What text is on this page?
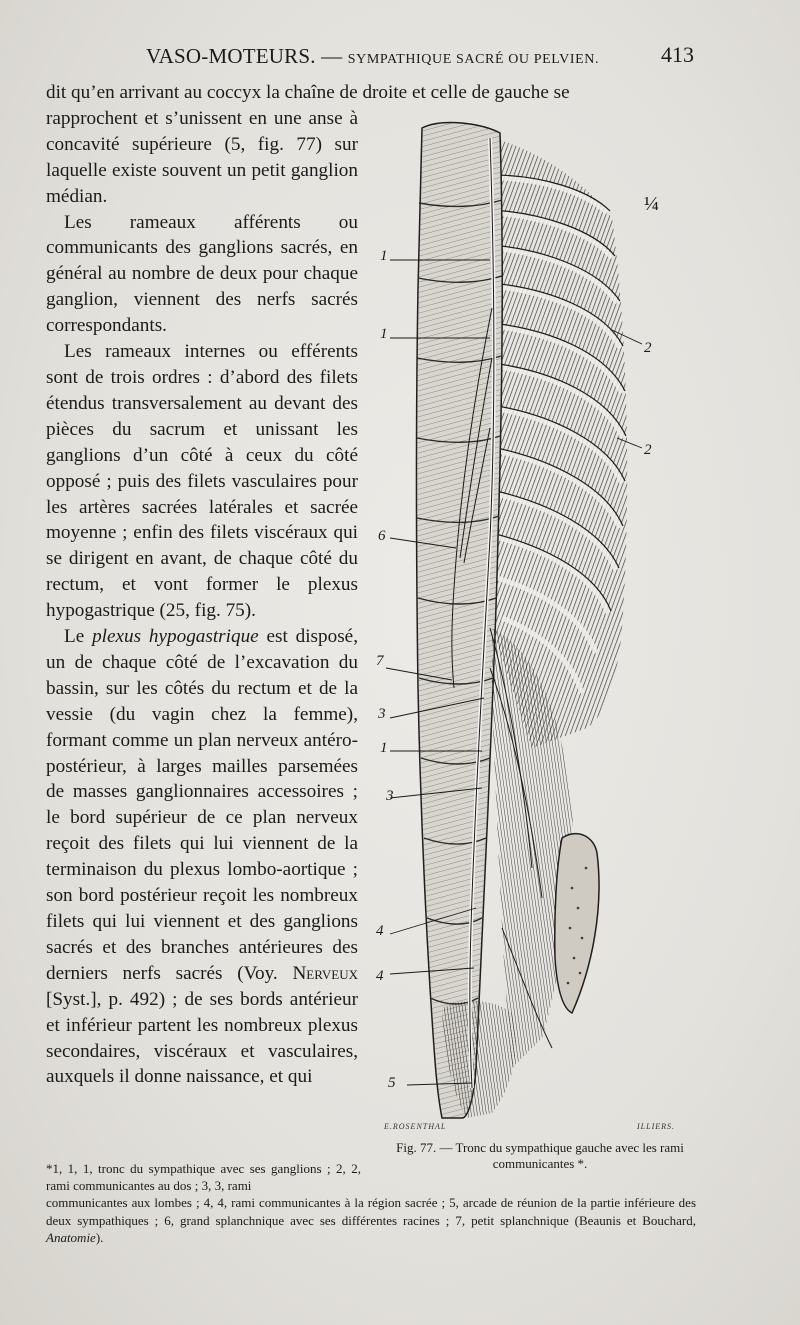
VASO-MOTEURS. — SYMPATHIQUE SACRÉ OU PELVIEN.	413

dit qu’en arrivant au coccyx la chaîne de droite et celle de gauche se
rapprochent et s’unissent en une anse à concavité supérieure (5, fig. 77) sur laquelle existe souvent un petit ganglion médian.

Les rameaux afférents ou communicants des ganglions sacrés, en général au nombre de deux pour chaque ganglion, viennent des nerfs sacrés correspondants.

Les rameaux internes ou efférents sont de trois ordres : d’abord des filets étendus transversalement au devant des pièces du sacrum et unissant les ganglions d’un côté à ceux du côté opposé ; puis des filets vasculaires pour les artères sacrées latérales et sacrée moyenne ; enfin des filets viscéraux qui se dirigent en avant, de chaque côté du rectum, et vont former le plexus hypogastrique (25, fig. 75).

Le plexus hypogastrique est disposé, un de chaque côté de l’excavation du bassin, sur les côtés du rectum et de la vessie (du vagin chez la femme), formant comme un plan nerveux antéro-postérieur, à larges mailles parsemées de masses ganglionnaires accessoires ; le bord supérieur de ce plan nerveux reçoit des filets qui lui viennent de la terminaison du plexus lombo-aortique ; son bord postérieur reçoit les nombreux filets qui lui viennent et des ganglions sacrés et des branches antérieures des derniers nerfs sacrés (Voy. Nerveux [Syst.], p. 492) ; de ses bords antérieur et inférieur partent les nombreux plexus secondaires, viscéraux et vasculaires, auxquels il donne naissance, et qui

1
1
6
7
3
1
3
4
4
5
2
2
¼
E.ROSENTHAL	ILLIERS.
Fig. 77. — Tronc du sympathique gauche avec les rami communicantes *.
*1, 1, 1, tronc du sympathique avec ses ganglions ; 2, 2, rami communicantes au dos ; 3, 3, rami
communicantes aux lombes ; 4, 4, rami communicantes à la région sacrée ; 5, arcade de réunion de la partie inférieure des deux sympathiques ; 6, grand splanchnique avec ses différentes racines ; 7, petit splanchnique (Beaunis et Bouchard, Anatomie).
